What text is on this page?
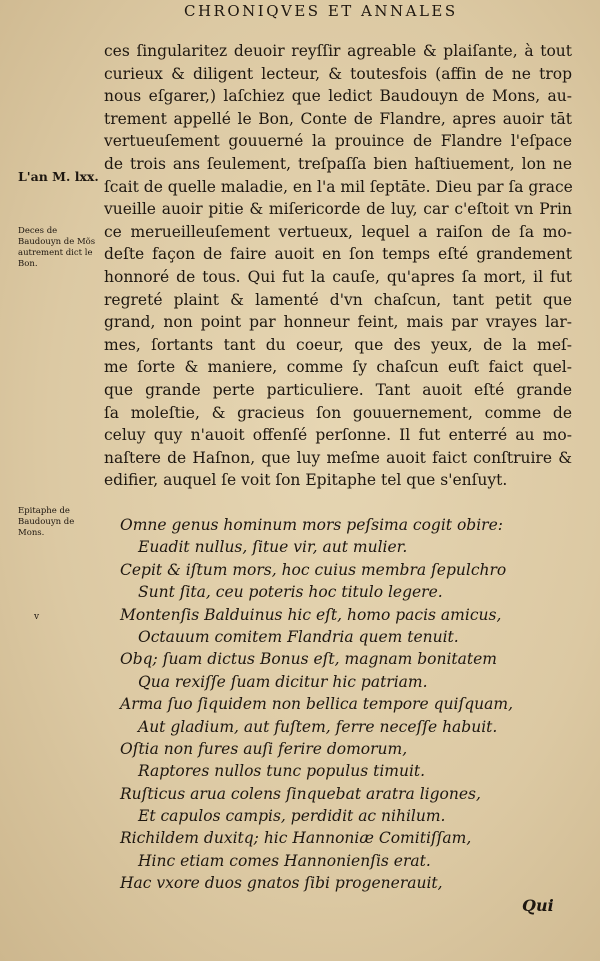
CHRONIQVES ET ANNALES
ces ſingularitez deuoir reyſſir agreable & plaiſante, à tout
curieux & diligent lecteur, & toutesfois (affin de ne trop
nous eſgarer,) laſchiez que ledict Baudouyn de Mons, au-
trement appellé le Bon, Conte de Flandre, apres auoir tāt
vertueuſement gouuerné la prouince de Flandre l'eſpace
de trois ans ſeulement, treſpaſſa bien haſtiuement, lon ne
ſcait de quelle maladie, en l'a mil ſeptāte. Dieu par ſa grace
vueille auoir pitie & miſericorde de luy, car c'eſtoit vn Prin
ce merueilleuſement vertueux, lequel a raiſon de ſa mo-
deſte façon de faire auoit en ſon temps eſté grandement
honnoré de tous. Qui fut la cauſe, qu'apres ſa mort, il fut
regreté plaint & lamenté d'vn chaſcun, tant petit que
grand, non point par honneur feint, mais par vrayes lar-
mes, ſortants tant du coeur, que des yeux, de la meſ-
me ſorte & maniere, comme ſy chaſcun euſt faict quel-
que grande perte particuliere. Tant auoit eſté grande
ſa moleſtie, & gracieus ſon gouuernement, comme de
celuy quy n'auoit offenſé perſonne. Il fut enterré au mo-
naſtere de Haſnon, que luy meſme auoit faict conſtruire &
edifier, auquel ſe voit ſon Epitaphe tel que s'enſuyt.
L'an M. lxx.
Deces de Baudouyn de Mõs autrement dict le Bon.
Epitaphe de Baudouyn de Mons.	Omne genus hominum mors peſsima cogit obire:
Euadit nullus, ſitue vir, aut mulier.
Cepit & iſtum mors, hoc cuius membra ſepulchro
Sunt ſita, ceu poteris hoc titulo legere.
Montenſis Balduinus hic eſt, homo pacis amicus,
Octauum comitem Flandria quem tenuit.
Obq; ſuam dictus Bonus eſt, magnam bonitatem
Qua rexiſſe ſuam dicitur hic patriam.
Arma ſuo ſiquidem non bellica tempore quiſquam,
Aut gladium, aut fuſtem, ferre neceſſe habuit.
Oſtia non fures auſi ferire domorum,
Raptores nullos tunc populus timuit.
Ruſticus arua colens ſinquebat aratra ligones,
Et capulos campis, perdidit ac nihilum.
Richildem duxitq; hic Hannoniæ Comitiſſam,
Hinc etiam comes Hannonienſis erat.
Hac vxore duos gnatos ſibi progenerauit,
v
Qui
